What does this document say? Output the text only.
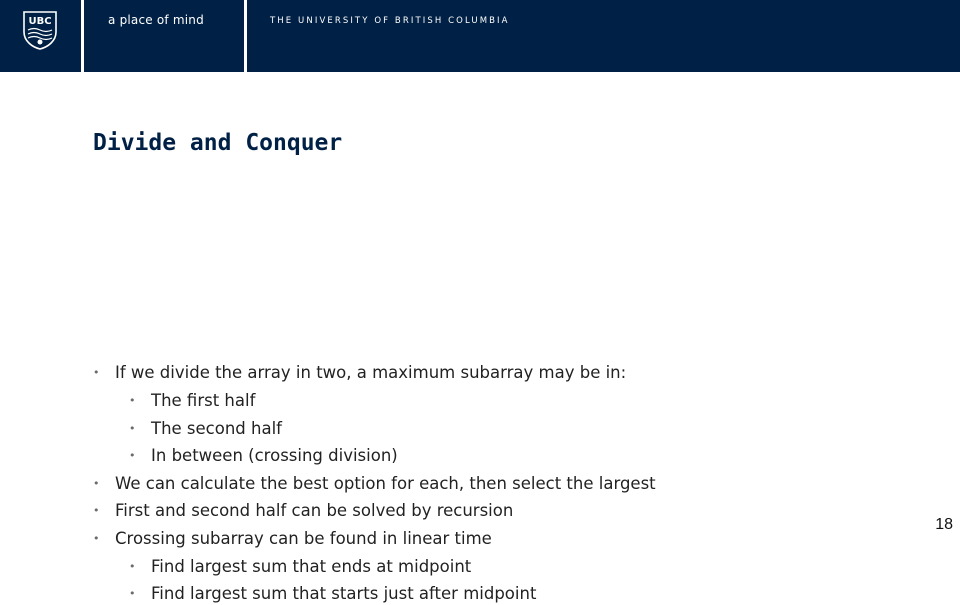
UBC	a place of mind	THE UNIVERSITY OF BRITISH COLUMBIA
Divide and Conquer
• If we divide the array in two, a maximum subarray may be in:
• The first half
• The second half
• In between (crossing division)
• We can calculate the best option for each, then select the largest
• First and second half can be solved by recursion
• Crossing subarray can be found in linear time
• Find largest sum that ends at midpoint
• Find largest sum that starts just after midpoint
18
